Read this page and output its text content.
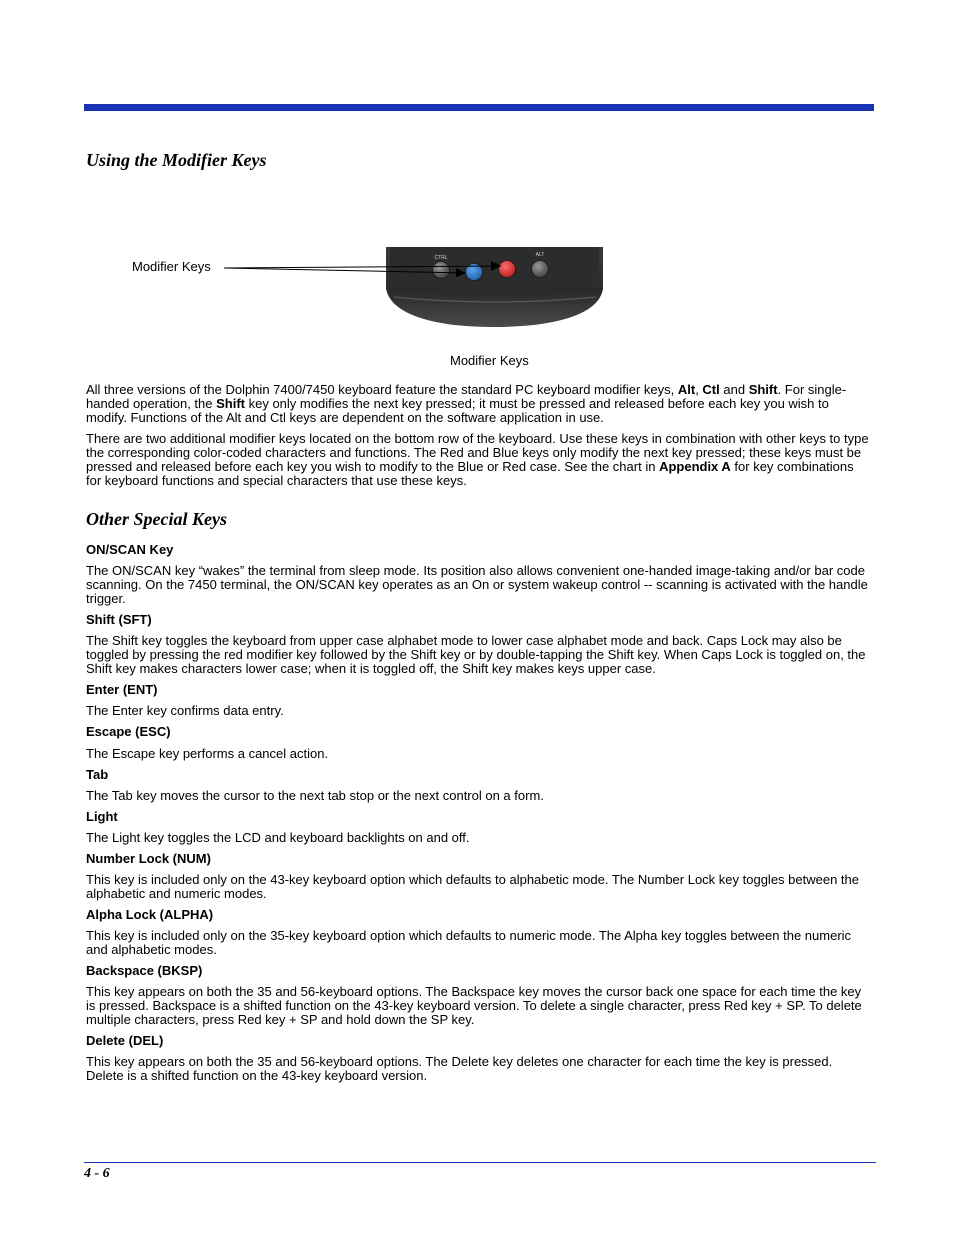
Using the Modifier Keys
CTRL	ALT
Modifier Keys
Modifier Keys

All three versions of the Dolphin 7400/7450 keyboard feature the standard PC keyboard modifier keys, Alt, Ctl and Shift. For single-handed operation, the Shift key only modifies the next key pressed; it must be pressed and released before each key you wish to modify. Functions of the Alt and Ctl keys are dependent on the software application in use.

There are two additional modifier keys located on the bottom row of the keyboard. Use these keys in combination with other keys to type the corresponding color-coded characters and functions. The Red and Blue keys only modify the next key pressed; these keys must be pressed and released before each key you wish to modify to the Blue or Red case. See the chart in Appendix A for key combinations for keyboard functions and special characters that use these keys.

Other Special Keys
ON/SCAN Key

The ON/SCAN key “wakes” the terminal from sleep mode. Its position also allows convenient one-handed image-taking and/or bar code scanning. On the 7450 terminal, the ON/SCAN key operates as an On or system wakeup control -- scanning is activated with the handle trigger.

Shift (SFT)

The Shift key toggles the keyboard from upper case alphabet mode to lower case alphabet mode and back. Caps Lock may also be toggled by pressing the red modifier key followed by the Shift key or by double-tapping the Shift key. When Caps Lock is toggled on, the Shift key makes characters lower case; when it is toggled off, the Shift key makes keys upper case.

Enter (ENT)

The Enter key confirms data entry.

Escape (ESC)

The Escape key performs a cancel action.

Tab

The Tab key moves the cursor to the next tab stop or the next control on a form.

Light

The Light key toggles the LCD and keyboard backlights on and off.

Number Lock (NUM)

This key is included only on the 43-key keyboard option which defaults to alphabetic mode. The Number Lock key toggles between the alphabetic and numeric modes.

Alpha Lock (ALPHA)

This key is included only on the 35-key keyboard option which defaults to numeric mode. The Alpha key toggles between the numeric and alphabetic modes.

Backspace (BKSP)

This key appears on both the 35 and 56-keyboard options. The Backspace key moves the cursor back one space for each time the key is pressed. Backspace is a shifted function on the 43-key keyboard version. To delete a single character, press Red key + SP. To delete multiple characters, press Red key + SP and hold down the SP key.

Delete (DEL)

This key appears on both the 35 and 56-keyboard options. The Delete key deletes one character for each time the key is pressed. Delete is a shifted function on the 43-key keyboard version.

4 - 6
